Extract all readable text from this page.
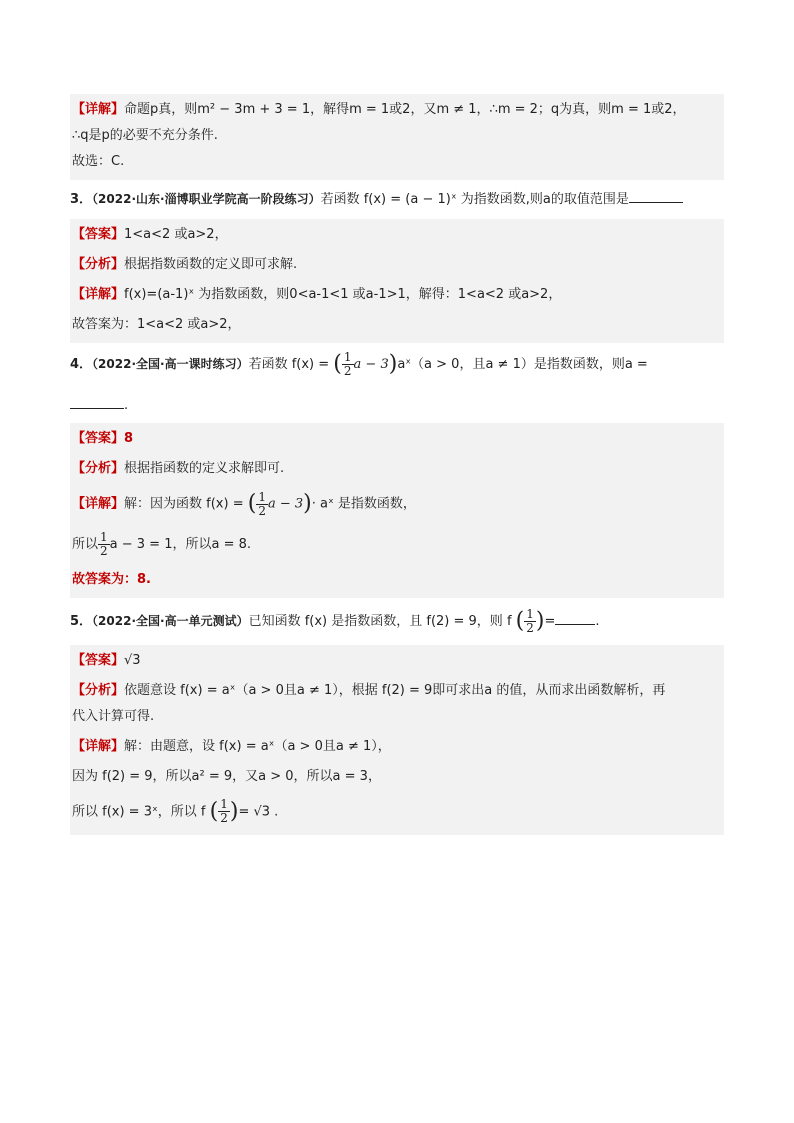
【详解】命题p真，则m² − 3m + 3 = 1，解得m = 1或2，又m ≠ 1，∴m = 2；q为真，则m = 1或2，
∴q是p的必要不充分条件.
故选：C.
3．（2022·山东·淄博职业学院高一阶段练习）若函数 f(x) = (a − 1)ˣ 为指数函数,则a的取值范围是
【答案】1<a<2 或a>2，
【分析】根据指数函数的定义即可求解.
【详解】f(x)=(a-1)ˣ 为指数函数，则0<a-1<1 或a-1>1，解得：1<a<2 或a>2，
故答案为：1<a<2 或a>2，
4．（2022·全国·高一课时练习）若函数 f(x) = ( $\frac{1}{2}$ a − 3)aˣ（a > 0，且a ≠ 1）是指数函数，则a =
.
【答案】8
【分析】根据指函数的定义求解即可.
【详解】解：因为函数 f(x) = ( $\frac{1}{2}$ a − 3)· aˣ 是指数函数，
所以 $\frac{1}{2}$ a − 3 = 1，所以a = 8.
故答案为：8.
5．（2022·全国·高一单元测试）已知函数 f(x) 是指数函数，且 f(2) = 9，则 f ( $\frac{1}{2}$ )=	.
【答案】√3
【分析】依题意设 f(x) = aˣ（a > 0且a ≠ 1），根据 f(2) = 9即可求出a 的值，从而求出函数解析，再
代入计算可得.
【详解】解：由题意，设 f(x) = aˣ（a > 0且a ≠ 1），
因为 f(2) = 9，所以a² = 9，又a > 0，所以a = 3，
所以 f(x) = 3ˣ，所以 f ( $\frac{1}{2}$ )= √3 .
